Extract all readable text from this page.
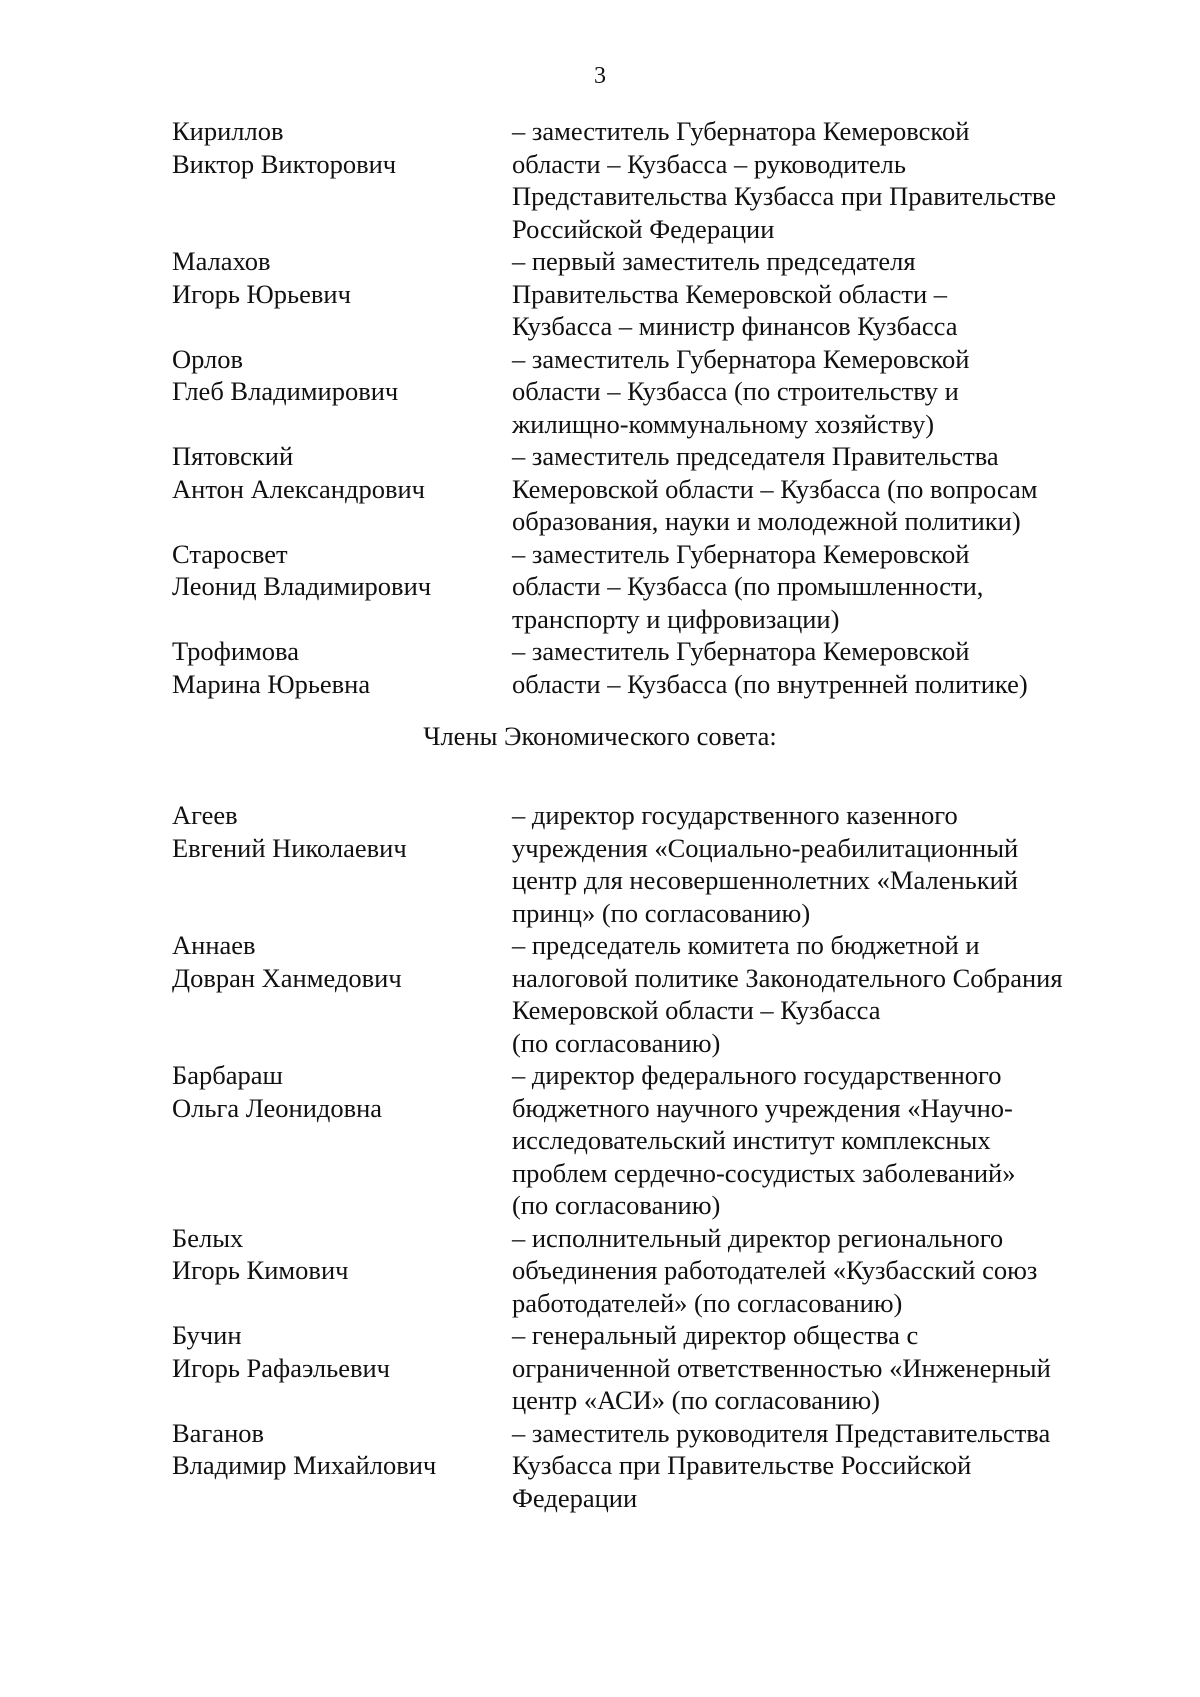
3
Кириллов
Виктор Викторович
– заместитель Губернатора Кемеровской
области – Кузбасса – руководитель
Представительства Кузбасса при Правительстве
Российской Федерации
Малахов
Игорь Юрьевич
– первый заместитель председателя
Правительства Кемеровской области –
Кузбасса – министр финансов Кузбасса
Орлов
Глеб Владимирович
– заместитель Губернатора Кемеровской
области – Кузбасса (по строительству и
жилищно-коммунальному хозяйству)
Пятовский
Антон Александрович
– заместитель председателя Правительства
Кемеровской области – Кузбасса (по вопросам
образования, науки и молодежной политики)
Старосвет
Леонид Владимирович
– заместитель Губернатора Кемеровской
области – Кузбасса (по промышленности,
транспорту и цифровизации)
Трофимова
Марина Юрьевна
– заместитель Губернатора Кемеровской
области – Кузбасса (по внутренней политике)
Члены Экономического совета:
Агеев
Евгений Николаевич
– директор государственного казенного
учреждения «Социально-реабилитационный
центр для несовершеннолетних «Маленький
принц» (по согласованию)
Аннаев
Довран Ханмедович
– председатель комитета по бюджетной и
налоговой политике Законодательного Собрания
Кемеровской области – Кузбасса
(по согласованию)
Барбараш
Ольга Леонидовна
– директор федерального государственного
бюджетного научного учреждения «Научно-
исследовательский институт комплексных
проблем сердечно-сосудистых заболеваний»
(по согласованию)
Белых
Игорь Кимович
– исполнительный директор регионального
объединения работодателей «Кузбасский союз
работодателей» (по согласованию)
Бучин
Игорь Рафаэльевич
– генеральный директор общества с
ограниченной ответственностью «Инженерный
центр «АСИ» (по согласованию)
Ваганов
Владимир Михайлович
– заместитель руководителя Представительства
Кузбасса при Правительстве Российской
Федерации
